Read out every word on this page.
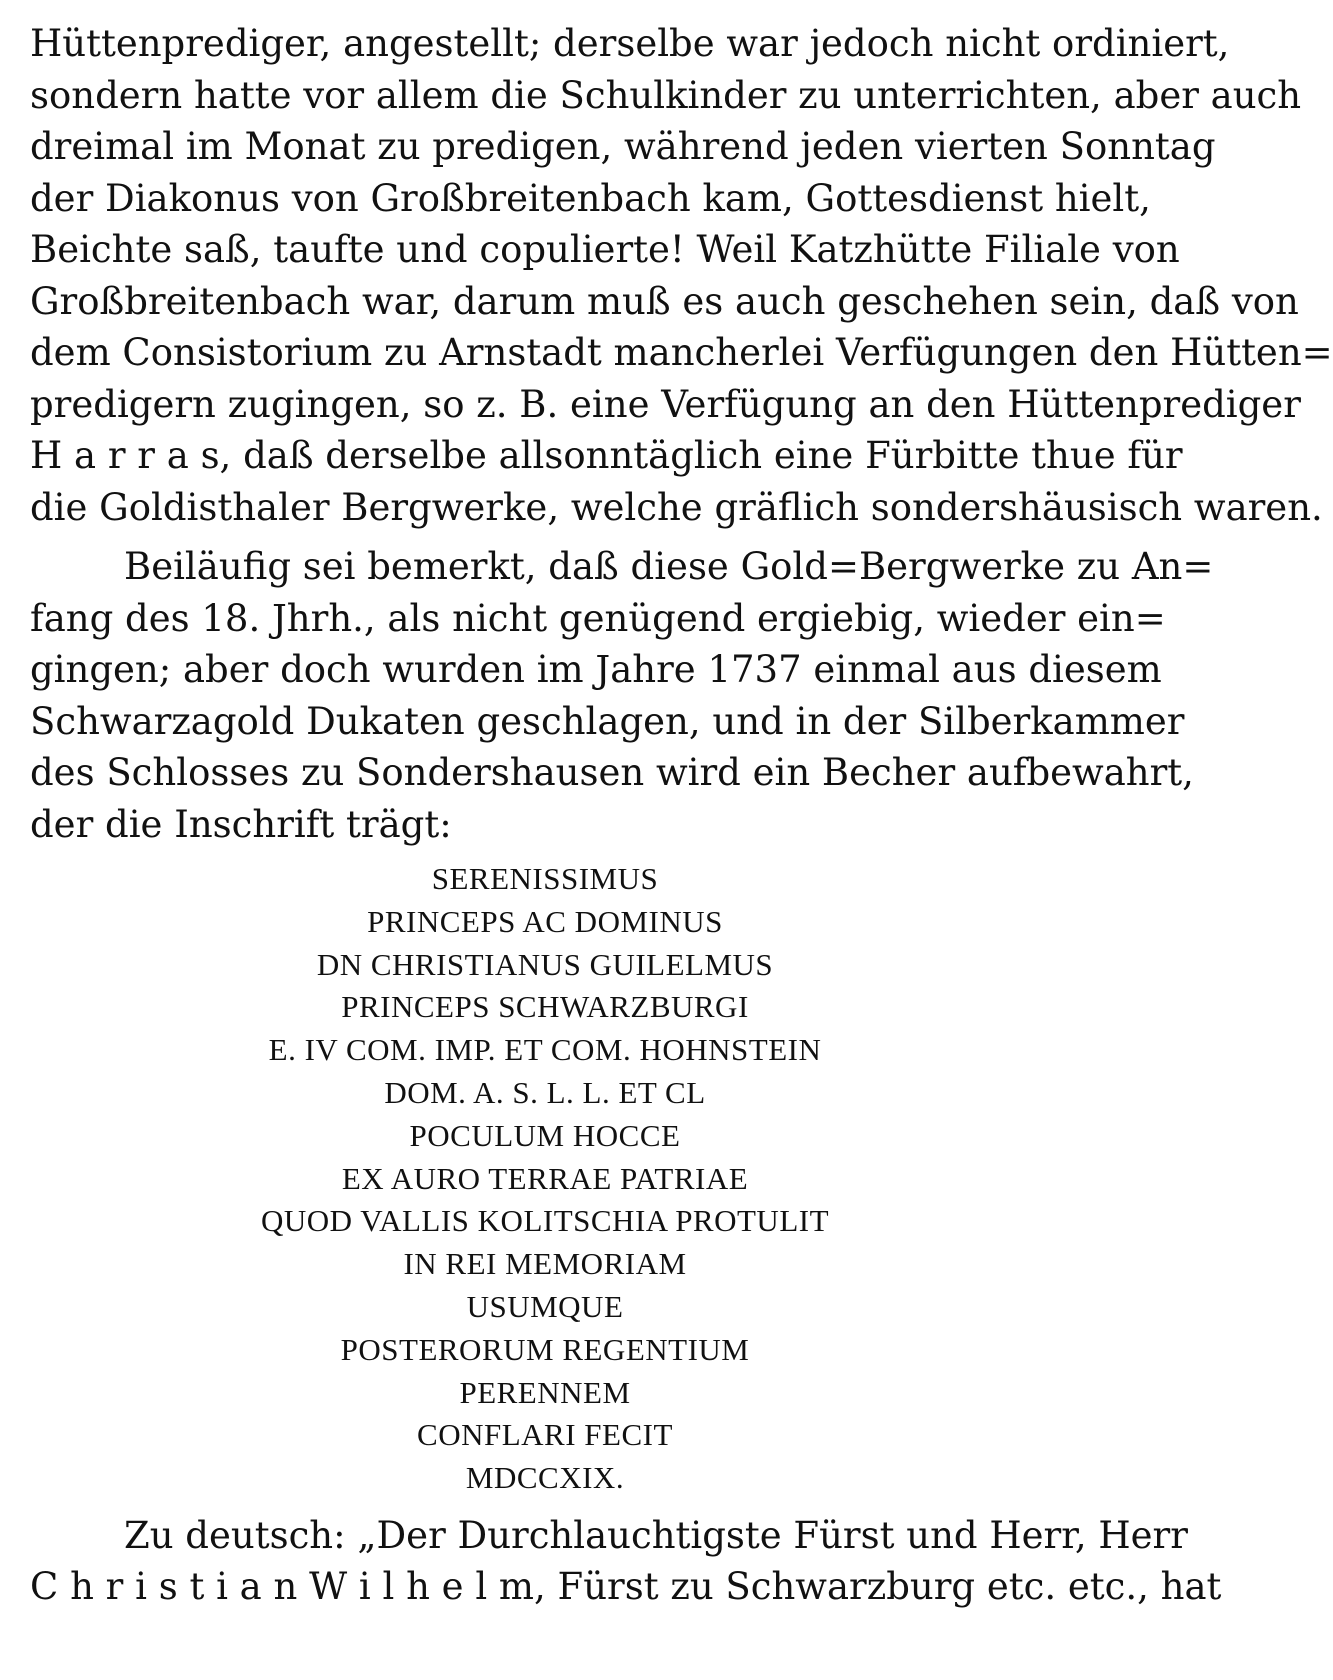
Hüttenprediger, angestellt; derselbe war jedoch nicht ordiniert,
sondern hatte vor allem die Schulkinder zu unterrichten, aber auch
dreimal im Monat zu predigen, während jeden vierten Sonntag
der Diakonus von Großbreitenbach kam, Gottesdienst hielt,
Beichte saß, taufte und copulierte! Weil Katzhütte Filiale von
Großbreitenbach war, darum muß es auch geschehen sein, daß von
dem Consistorium zu Arnstadt mancherlei Verfügungen den Hütten=
predigern zugingen, so z. B. eine Verfügung an den Hüttenprediger
H a r r a s, daß derselbe allsonntäglich eine Fürbitte thue für
die Goldisthaler Bergwerke, welche gräflich sondershäusisch waren.

Beiläufig sei bemerkt, daß diese Gold=Bergwerke zu An=
fang des 18. Jhrh., als nicht genügend ergiebig, wieder ein=
gingen; aber doch wurden im Jahre 1737 einmal aus diesem
Schwarzagold Dukaten geschlagen, und in der Silberkammer
des Schlosses zu Sondershausen wird ein Becher aufbewahrt,
der die Inschrift trägt:

SERENISSIMUS
PRINCEPS AC DOMINUS
DN CHRISTIANUS GUILELMUS
PRINCEPS SCHWARZBURGI
E. IV COM. IMP. ET COM. HOHNSTEIN
DOM. A. S. L. L. ET CL
POCULUM HOCCE
EX AURO TERRAE PATRIAE
QUOD VALLIS KOLITSCHIA PROTULIT
IN REI MEMORIAM
USUMQUE
POSTERORUM REGENTIUM
PERENNEM
CONFLARI FECIT
MDCCXIX.

Zu deutsch: „Der Durchlauchtigste Fürst und Herr, Herr
C h r i s t i a n W i l h e l m, Fürst zu Schwarzburg etc. etc., hat
